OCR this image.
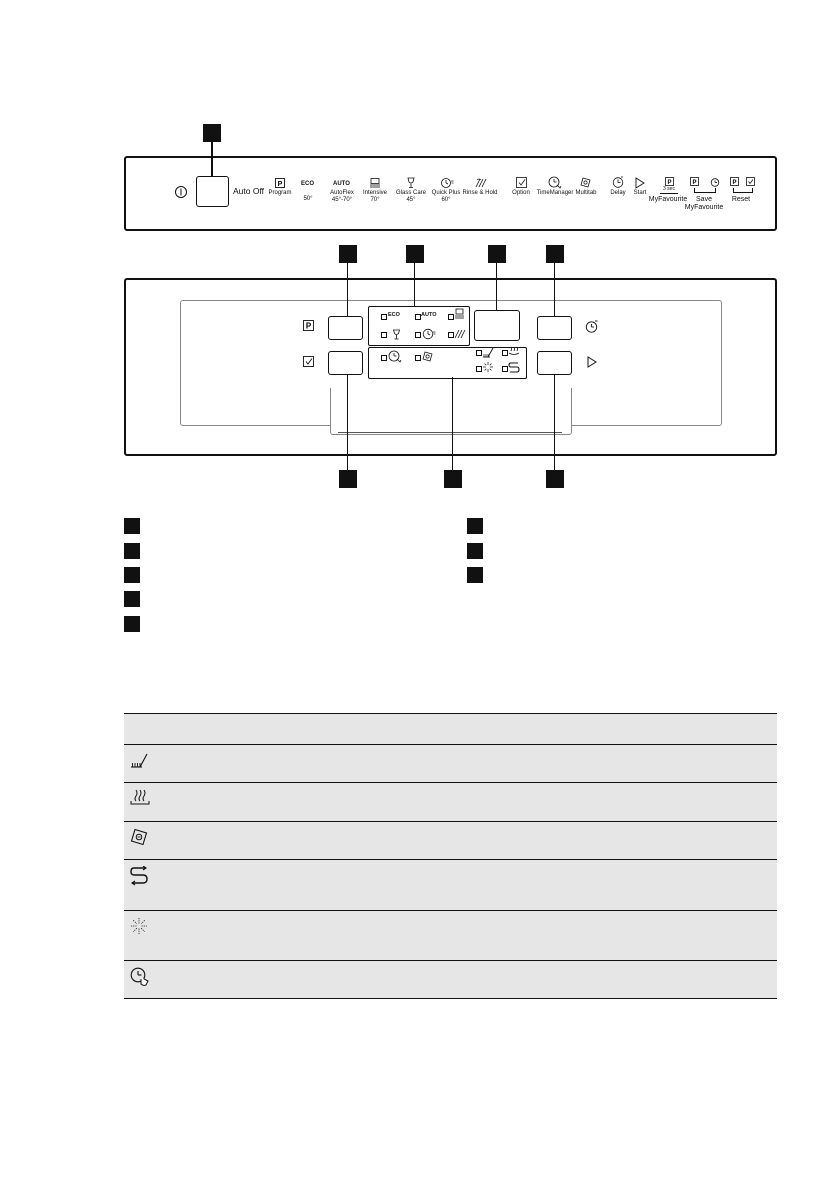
Auto Off
P
Program
ECO
50°
AUTO
AutoFlex
45°-70°
Intensive
70°
Glass Care
45°
Quick Plus
60°
Rinse & Hold	Option	TimeManager Multitab	Delay	Start
P
3 sec
MyFavourite
P
Save
MyFavourite
P
Reset
P
ECO	AUTO
